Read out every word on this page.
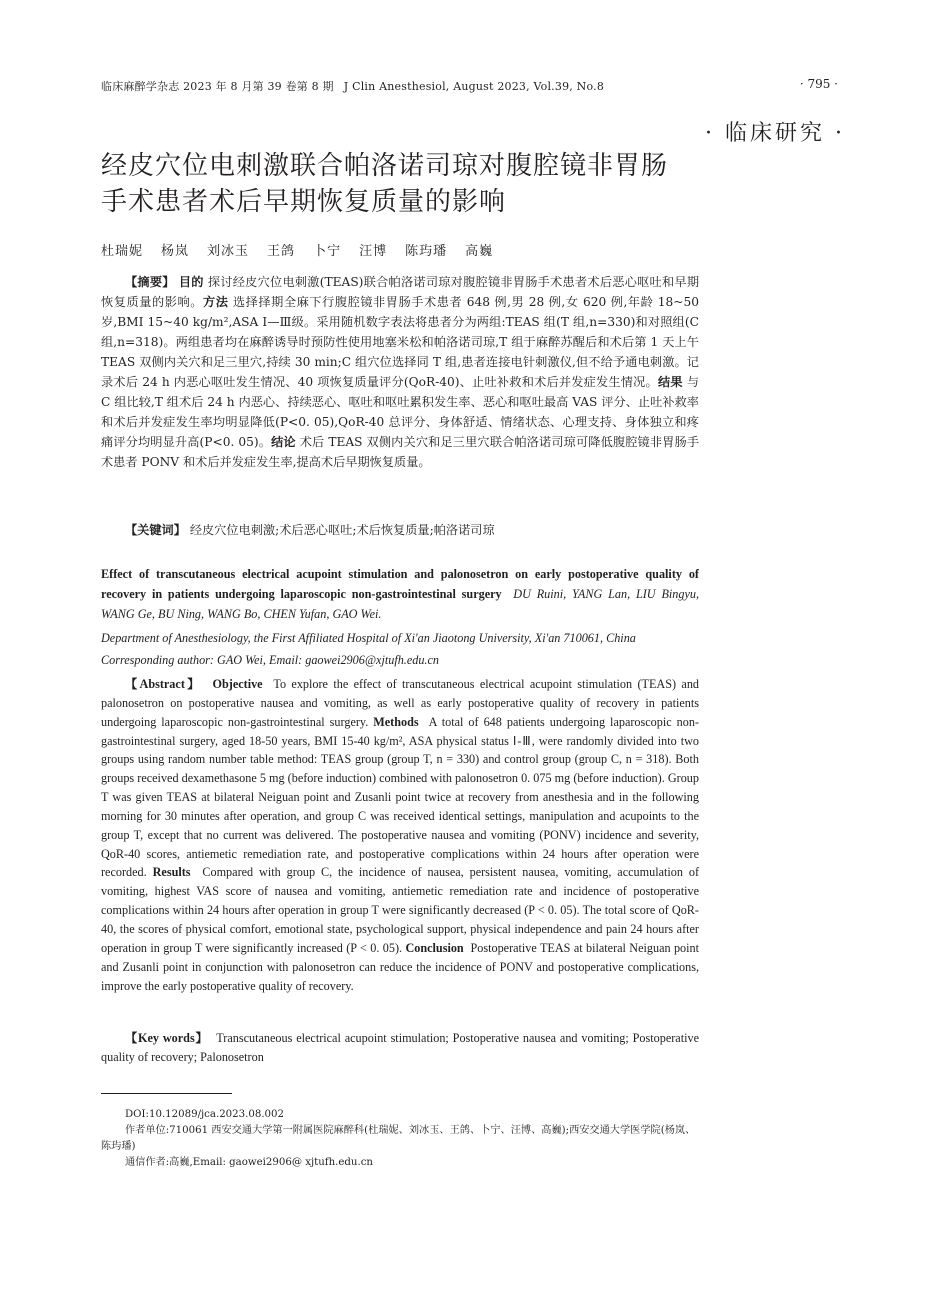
临床麻醉学杂志 2023 年 8 月第 39 卷第 8 期 J Clin Anesthesiol, August 2023, Vol.39, No.8	· 795 ·
· 临床研究 ·
经皮穴位电刺激联合帕洛诺司琼对腹腔镜非胃肠
手术患者术后早期恢复质量的影响
杜瑞妮 杨岚 刘冰玉 王鸽 卜宁 汪博 陈玙璠 高巍
【摘要】 目的 探讨经皮穴位电刺激(TEAS)联合帕洛诺司琼对腹腔镜非胃肠手术患者术后恶心呕吐和早期恢复质量的影响。方法 选择择期全麻下行腹腔镜非胃肠手术患者 648 例,男 28 例,女 620 例,年龄 18~50 岁,BMI 15~40 kg/m²,ASA Ⅰ—Ⅲ级。采用随机数字表法将患者分为两组:TEAS 组(T 组,n=330)和对照组(C 组,n=318)。两组患者均在麻醉诱导时预防性使用地塞米松和帕洛诺司琼,T 组于麻醉苏醒后和术后第 1 天上午 TEAS 双侧内关穴和足三里穴,持续 30 min;C 组穴位选择同 T 组,患者连接电针刺激仪,但不给予通电刺激。记录术后 24 h 内恶心呕吐发生情况、40 项恢复质量评分(QoR-40)、止吐补救和术后并发症发生情况。结果 与 C 组比较,T 组术后 24 h 内恶心、持续恶心、呕吐和呕吐累积发生率、恶心和呕吐最高 VAS 评分、止吐补救率和术后并发症发生率均明显降低(P<0. 05),QoR-40 总评分、身体舒适、情绪状态、心理支持、身体独立和疼痛评分均明显升高(P<0. 05)。结论 术后 TEAS 双侧内关穴和足三里穴联合帕洛诺司琼可降低腹腔镜非胃肠手术患者 PONV 和术后并发症发生率,提高术后早期恢复质量。
【关键词】 经皮穴位电刺激;术后恶心呕吐;术后恢复质量;帕洛诺司琼
Effect of transcutaneous electrical acupoint stimulation and palonosetron on early postoperative quality of recovery in patients undergoing laparoscopic non-gastrointestinal surgery DU Ruini, YANG Lan, LIU Bingyu, WANG Ge, BU Ning, WANG Bo, CHEN Yufan, GAO Wei.
Department of Anesthesiology, the First Affiliated Hospital of Xi'an Jiaotong University, Xi'an 710061, China
Corresponding author: GAO Wei, Email: gaowei2906@xjtufh.edu.cn
【Abstract】 Objective To explore the effect of transcutaneous electrical acupoint stimulation (TEAS) and palonosetron on postoperative nausea and vomiting, as well as early postoperative quality of recovery in patients undergoing laparoscopic non-gastrointestinal surgery. Methods A total of 648 patients undergoing laparoscopic non-gastrointestinal surgery, aged 18-50 years, BMI 15-40 kg/m², ASA physical status Ⅰ-Ⅲ, were randomly divided into two groups using random number table method: TEAS group (group T, n = 330) and control group (group C, n = 318). Both groups received dexamethasone 5 mg (before induction) combined with palonosetron 0. 075 mg (before induction). Group T was given TEAS at bilateral Neiguan point and Zusanli point twice at recovery from anesthesia and in the following morning for 30 minutes after operation, and group C was received identical settings, manipulation and acupoints to the group T, except that no current was delivered. The postoperative nausea and vomiting (PONV) incidence and severity, QoR-40 scores, antiemetic remediation rate, and postoperative complications within 24 hours after operation were recorded. Results Compared with group C, the incidence of nausea, persistent nausea, vomiting, accumulation of vomiting, highest VAS score of nausea and vomiting, antiemetic remediation rate and incidence of postoperative complications within 24 hours after operation in group T were significantly decreased (P < 0. 05). The total score of QoR-40, the scores of physical comfort, emotional state, psychological support, physical independence and pain 24 hours after operation in group T were significantly increased (P < 0. 05). Conclusion Postoperative TEAS at bilateral Neiguan point and Zusanli point in conjunction with palonosetron can reduce the incidence of PONV and postoperative complications, improve the early postoperative quality of recovery.
【Key words】 Transcutaneous electrical acupoint stimulation; Postoperative nausea and vomiting; Postoperative quality of recovery; Palonosetron
DOI:10.12089/jca.2023.08.002
作者单位:710061 西安交通大学第一附属医院麻醉科(杜瑞妮、刘冰玉、王鸽、卜宁、汪博、高巍);西安交通大学医学院(杨岚、陈玙璠)
通信作者:高巍,Email: gaowei2906@ xjtufh.edu.cn
